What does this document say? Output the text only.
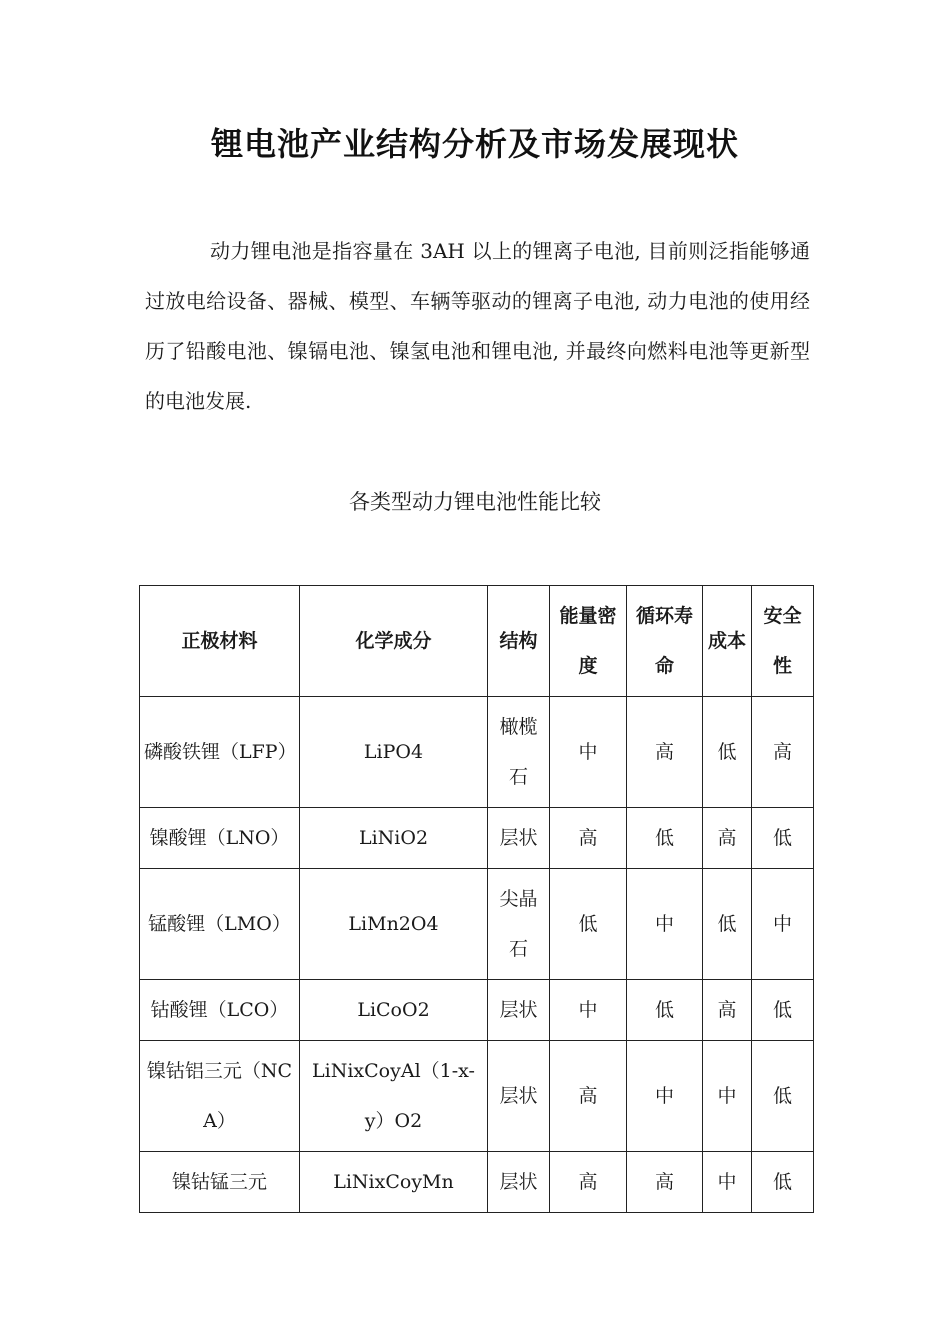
锂电池产业结构分析及市场发展现状

动力锂电池是指容量在 3AH 以上的锂离子电池, 目前则泛指能够通过放电给设备、器械、模型、车辆等驱动的锂离子电池, 动力电池的使用经历了铅酸电池、镍镉电池、镍氢电池和锂电池, 并最终向燃料电池等更新型的电池发展.

各类型动力锂电池性能比较
正极材料	化学成分	结构	能量密度	循环寿命	成本	安全性
磷酸铁锂（LFP）	LiPO4	橄榄石	中	高	低	高
镍酸锂（LNO）	LiNiO2	层状	高	低	高	低
锰酸锂（LMO）	LiMn2O4	尖晶石	低	中	低	中
钴酸锂（LCO）	LiCoO2	层状	中	低	高	低
镍钴铝三元（NCA）	LiNixCoyAl（1-x-y）O2	层状	高	中	中	低
镍钴锰三元	LiNixCoyMn	层状	高	高	中	低
